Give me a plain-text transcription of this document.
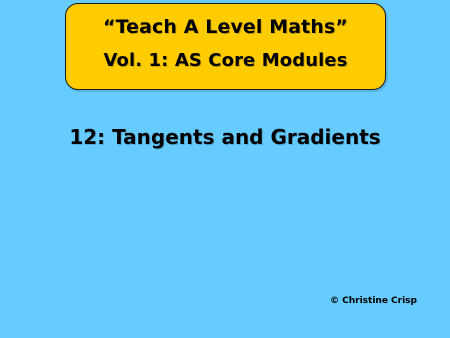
“Teach A Level Maths”
Vol. 1: AS Core Modules
12: Tangents and Gradients
© Christine Crisp
